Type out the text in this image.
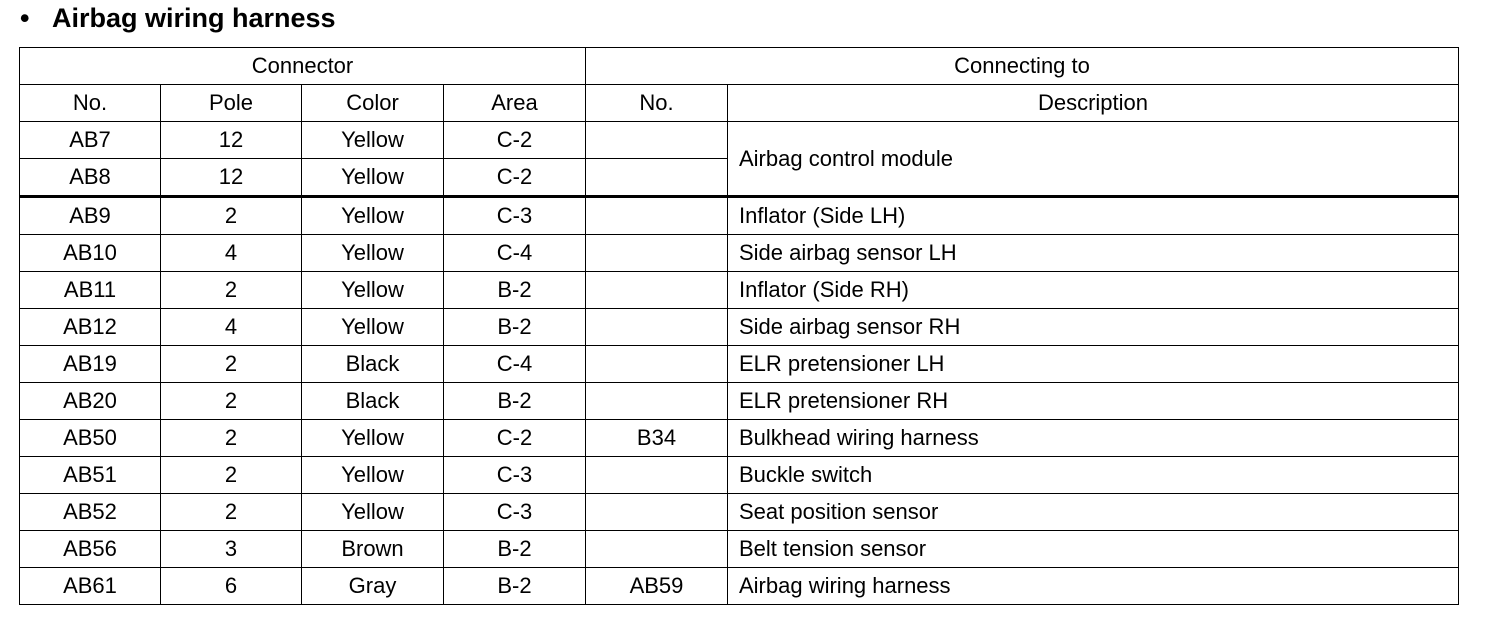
• Airbag wiring harness
Connector				Connecting to	
No.	Pole	Color	Area	No.	Description
AB7	12	Yellow	C-2		Airbag control module
AB8	12	Yellow	C-2		
AB9	2	Yellow	C-3		Inflator (Side LH)
AB10	4	Yellow	C-4		Side airbag sensor LH
AB11	2	Yellow	B-2		Inflator (Side RH)
AB12	4	Yellow	B-2		Side airbag sensor RH
AB19	2	Black	C-4		ELR pretensioner LH
AB20	2	Black	B-2		ELR pretensioner RH
AB50	2	Yellow	C-2	B34	Bulkhead wiring harness
AB51	2	Yellow	C-3		Buckle switch
AB52	2	Yellow	C-3		Seat position sensor
AB56	3	Brown	B-2		Belt tension sensor
AB61	6	Gray	B-2	AB59	Airbag wiring harness
